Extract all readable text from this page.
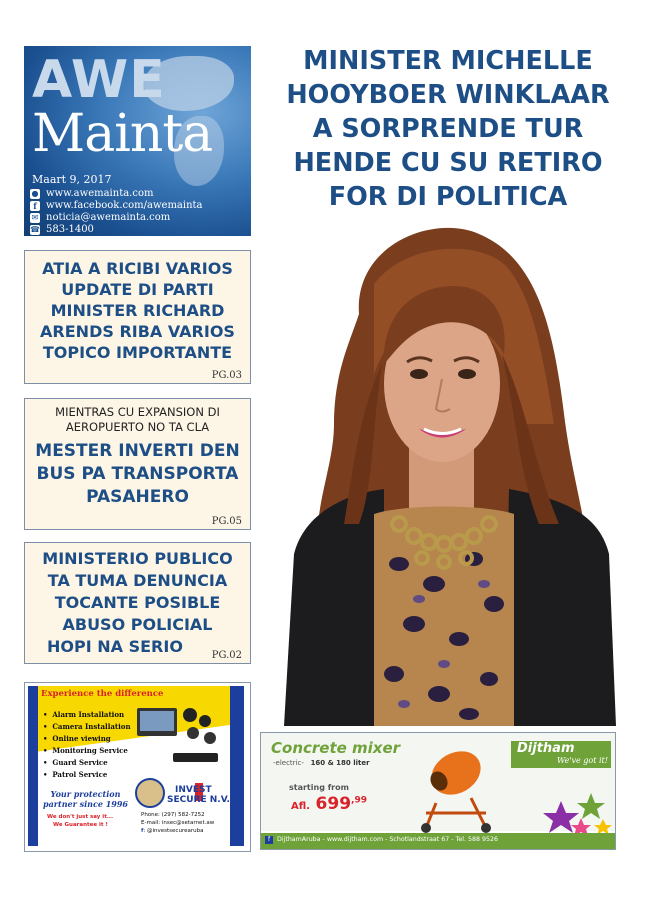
AWE
Mainta
Maart 9, 2017
● www.awemainta.com
f www.facebook.com/awemainta
✉ noticia@awemainta.com
☎ 583-1400
MINISTER MICHELLE
HOOYBOER WINKLAAR
A SORPRENDE TUR
HENDE CU SU RETIRO
FOR DI POLITICA
ATIA A RICIBI VARIOS
UPDATE DI PARTI
MINISTER RICHARD
ARENDS RIBA VARIOS
TOPICO IMPORTANTE
PG.03
MIENTRAS CU EXPANSION DI
AEROPUERTO NO TA CLA
MESTER INVERTI DEN
BUS PA TRANSPORTA
PASAHERO
PG.05
MINISTERIO PUBLICO
TA TUMA DENUNCIA
TOCANTE POSIBLE
ABUSO POLICIAL
HOPI NA SERIO	PG.02
Experience the difference
•  Alarm Installation
•  Camera Installation
•  Online viewing
•  Monitoring Service
•  Guard Service
•  Patrol Service
Your protection
partner since 1996
We don't just say it...
We Guarantee it !
INVEST
SECURE N.V.
Phone: (297) 582-7252
E-mail: insec@setarnet.aw
f: @investsecurearuba
Concrete mixer
-electric- 160 & 180 liter
starting from
Afl. $699^{,99}$
Dijtham
We've got it!
f DijthamAruba - www.dijtham.com - Schotlandstraat 67 - Tel. 588 9526
